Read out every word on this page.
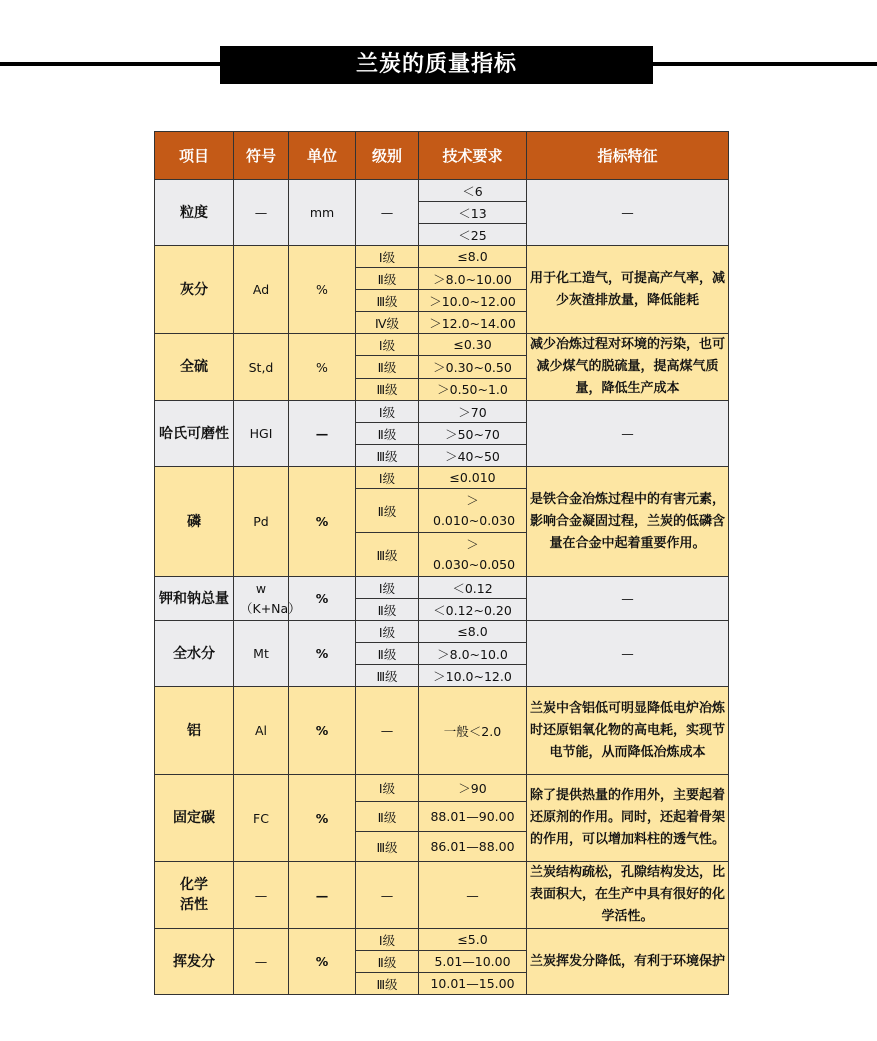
兰炭的质量指标
项目	符号	单位	级别	技术要求	指标特征
粒度	—	mm	—	＜6	—
				＜13	
				＜25	
灰分	Ad	%	Ⅰ级	≤8.0	用于化工造气，可提高产气率，减少灰渣排放量，降低能耗
			Ⅱ级	＞8.0~10.00	
			Ⅲ级	＞10.0~12.00	
			Ⅳ级	＞12.0~14.00	
全硫	St,d	%	Ⅰ级	≤0.30	减少冶炼过程对环境的污染，也可减少煤气的脱硫量，提高煤气质量，降低生产成本
			Ⅱ级	＞0.30~0.50	
			Ⅲ级	＞0.50~1.0	
哈氏可磨性	HGI	—	Ⅰ级	＞70	—
			Ⅱ级	＞50~70	
			Ⅲ级	＞40~50	
磷	Pd	%	Ⅰ级	≤0.010	是铁合金冶炼过程中的有害元素，影响合金凝固过程，兰炭的低磷含量在合金中起着重要作用。
			Ⅱ级	＞0.010~0.030	
			Ⅲ级	＞0.030~0.050	
钾和钠总量	w（K+Na）	%	Ⅰ级	＜0.12	—
			Ⅱ级	＜0.12~0.20	
全水分	Mt	%	Ⅰ级	≤8.0	—
			Ⅱ级	＞8.0~10.0	
			Ⅲ级	＞10.0~12.0	
铝	Al	%	—	一般＜2.0	兰炭中含铝低可明显降低电炉冶炼时还原铝氧化物的高电耗，实现节电节能，从而降低冶炼成本
固定碳	FC	%	Ⅰ级	＞90	除了提供热量的作用外，主要起着还原剂的作用。同时，还起着骨架的作用，可以增加料柱的透气性。
			Ⅱ级	88.01—90.00	
			Ⅲ级	86.01—88.00	
化学活性	—	—	—	—	兰炭结构疏松，孔隙结构发达，比表面积大，在生产中具有很好的化学活性。
挥发分	—	%	Ⅰ级	≤5.0	兰炭挥发分降低，有利于环境保护
			Ⅱ级	5.01—10.00	
			Ⅲ级	10.01—15.00	
